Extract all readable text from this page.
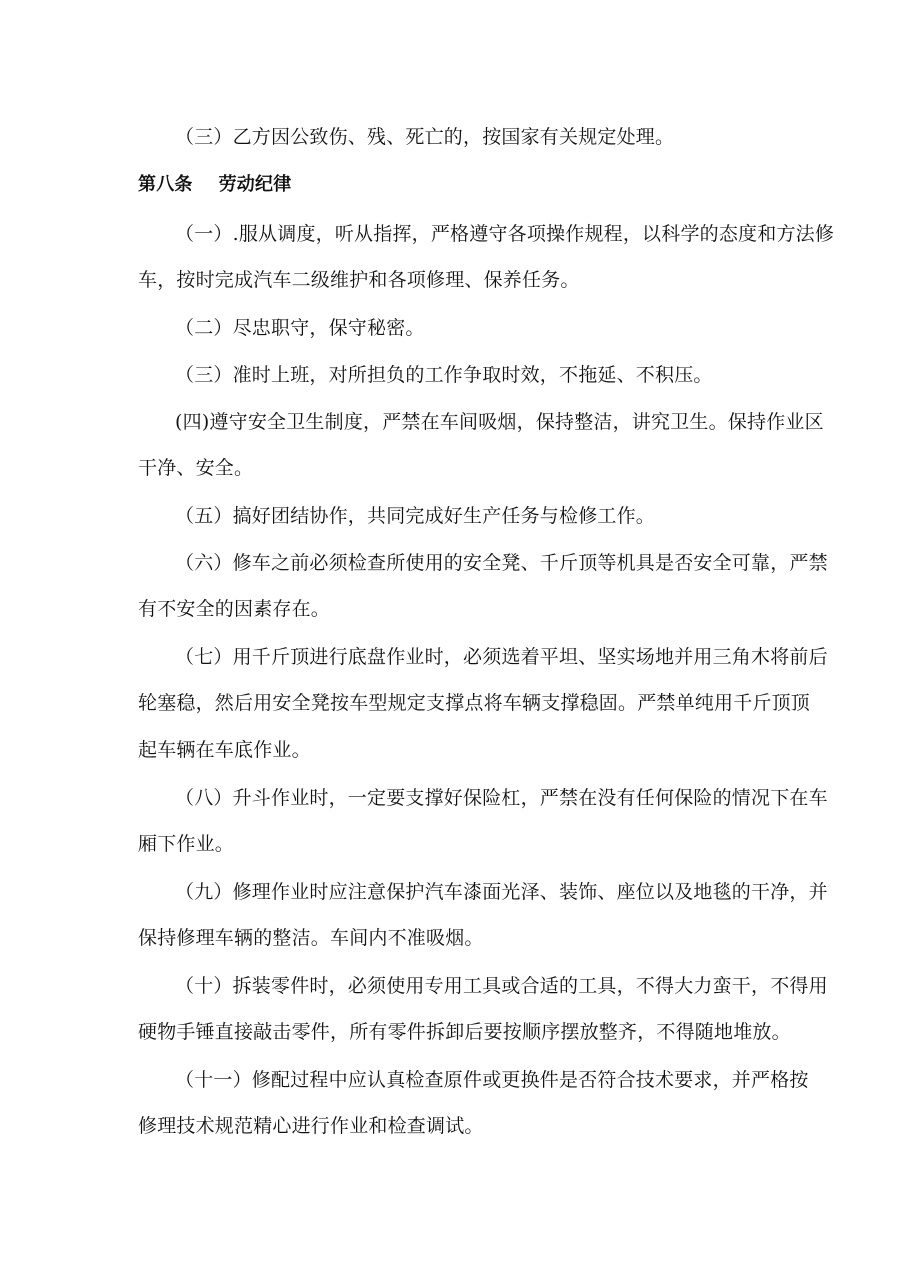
（三）乙方因公致伤、残、死亡的，按国家有关规定处理。
第八条 劳动纪律
（一）.服从调度，听从指挥，严格遵守各项操作规程，以科学的态度和方法修
车，按时完成汽车二级维护和各项修理、保养任务。
（二）尽忠职守，保守秘密。
（三）准时上班，对所担负的工作争取时效，不拖延、不积压。
(四)遵守安全卫生制度，严禁在车间吸烟，保持整洁，讲究卫生。保持作业区
干净、安全。
（五）搞好团结协作，共同完成好生产任务与检修工作。
（六）修车之前必须检查所使用的安全凳、千斤顶等机具是否安全可靠，严禁
有不安全的因素存在。
（七）用千斤顶进行底盘作业时，必须选着平坦、坚实场地并用三角木将前后
轮塞稳，然后用安全凳按车型规定支撑点将车辆支撑稳固。严禁单纯用千斤顶顶
起车辆在车底作业。
（八）升斗作业时，一定要支撑好保险杠，严禁在没有任何保险的情况下在车
厢下作业。
（九）修理作业时应注意保护汽车漆面光泽、装饰、座位以及地毯的干净，并
保持修理车辆的整洁。车间内不准吸烟。
（十）拆装零件时，必须使用专用工具或合适的工具，不得大力蛮干，不得用
硬物手锤直接敲击零件，所有零件拆卸后要按顺序摆放整齐，不得随地堆放。
（十一）修配过程中应认真检查原件或更换件是否符合技术要求，并严格按
修理技术规范精心进行作业和检查调试。
